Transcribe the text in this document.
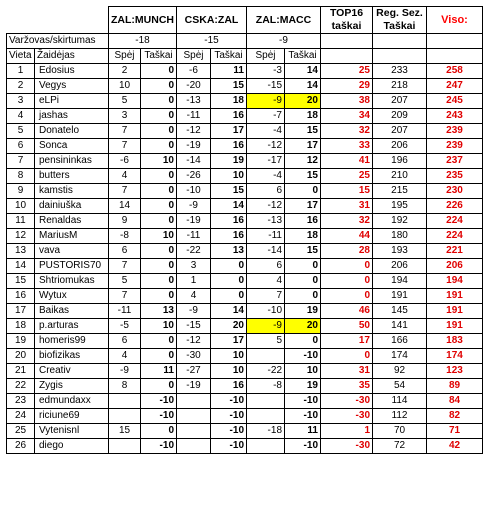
		ZAL:MUNCH		CSKA:ZAL		ZAL:MACC		TOP16 taškai	Reg. Sez. Taškai	Viso:
Varžovas/skirtumas		-18		-15		-9				
Vieta	Žaidėjas	Spėj	Taškai	Spėj	Taškai	Spėj	Taškai			
1	Edosius	2	0	-6	11	-3	14	25	233	258
2	Vegys	10	0	-20	15	-15	14	29	218	247
3	eLPi	5	0	-13	18	-9	20	38	207	245
4	jashas	3	0	-11	16	-7	18	34	209	243
5	Donatelo	7	0	-12	17	-4	15	32	207	239
6	Sonca	7	0	-19	16	-12	17	33	206	239
7	pensininkas	-6	10	-14	19	-17	12	41	196	237
8	butters	4	0	-26	10	-4	15	25	210	235
9	kamstis	7	0	-10	15	6	0	15	215	230
10	dainiuška	14	0	-9	14	-12	17	31	195	226
11	Renaldas	9	0	-19	16	-13	16	32	192	224
12	MariusM	-8	10	-11	16	-11	18	44	180	224
13	vava	6	0	-22	13	-14	15	28	193	221
14	PUSTORIS70	7	0	3	0	6	0	0	206	206
15	Shtriomukas	5	0	1	0	4	0	0	194	194
16	Wytux	7	0	4	0	7	0	0	191	191
17	Baikas	-11	13	-9	14	-10	19	46	145	191
18	p.arturas	-5	10	-15	20	-9	20	50	141	191
19	homeris99	6	0	-12	17	5	0	17	166	183
20	biofizikas	4	0	-30	10		-10	0	174	174
21	Creativ	-9	11	-27	10	-22	10	31	92	123
22	Zygis	8	0	-19	16	-8	19	35	54	89
23	edmundaxx		-10		-10		-10	-30	114	84
24	riciune69		-10		-10		-10	-30	112	82
25	Vytenisnl	15	0		-10	-18	11	1	70	71
26	diego		-10		-10		-10	-30	72	42
